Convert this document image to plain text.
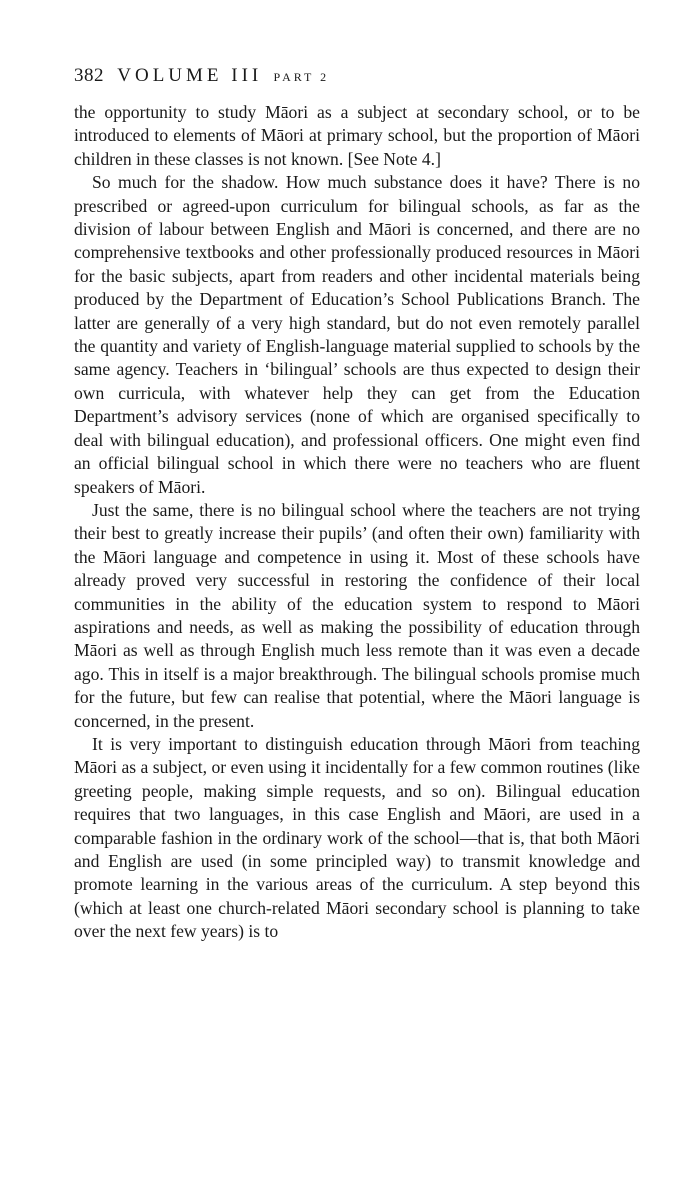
382 VOLUME III PART 2

the opportunity to study Māori as a subject at secondary school, or to be introduced to elements of Māori at primary school, but the proportion of Māori children in these classes is not known. [See Note 4.]

So much for the shadow. How much substance does it have? There is no prescribed or agreed-upon curriculum for bilingual schools, as far as the division of labour between English and Māori is concerned, and there are no comprehensive textbooks and other professionally produced resources in Māori for the basic subjects, apart from readers and other incidental materials being produced by the Department of Education’s School Publications Branch. The latter are generally of a very high standard, but do not even remotely parallel the quantity and variety of English-language material supplied to schools by the same agency. Teachers in ‘bilingual’ schools are thus expected to design their own curricula, with whatever help they can get from the Education Department’s advisory services (none of which are organised specifically to deal with bilingual education), and professional officers. One might even find an official bilingual school in which there were no teachers who are fluent speakers of Māori.

Just the same, there is no bilingual school where the teachers are not trying their best to greatly increase their pupils’ (and often their own) familiarity with the Māori language and competence in using it. Most of these schools have already proved very successful in restoring the confidence of their local communities in the ability of the education system to respond to Māori aspirations and needs, as well as making the possibility of education through Māori as well as through English much less remote than it was even a decade ago. This in itself is a major breakthrough. The bilingual schools promise much for the future, but few can realise that potential, where the Māori language is concerned, in the present.

It is very important to distinguish education through Māori from teaching Māori as a subject, or even using it incidentally for a few common routines (like greeting people, making simple requests, and so on). Bilingual education requires that two languages, in this case English and Māori, are used in a comparable fashion in the ordinary work of the school—that is, that both Māori and English are used (in some principled way) to transmit knowledge and promote learning in the various areas of the curriculum. A step beyond this (which at least one church-related Māori secondary school is planning to take over the next few years) is to
